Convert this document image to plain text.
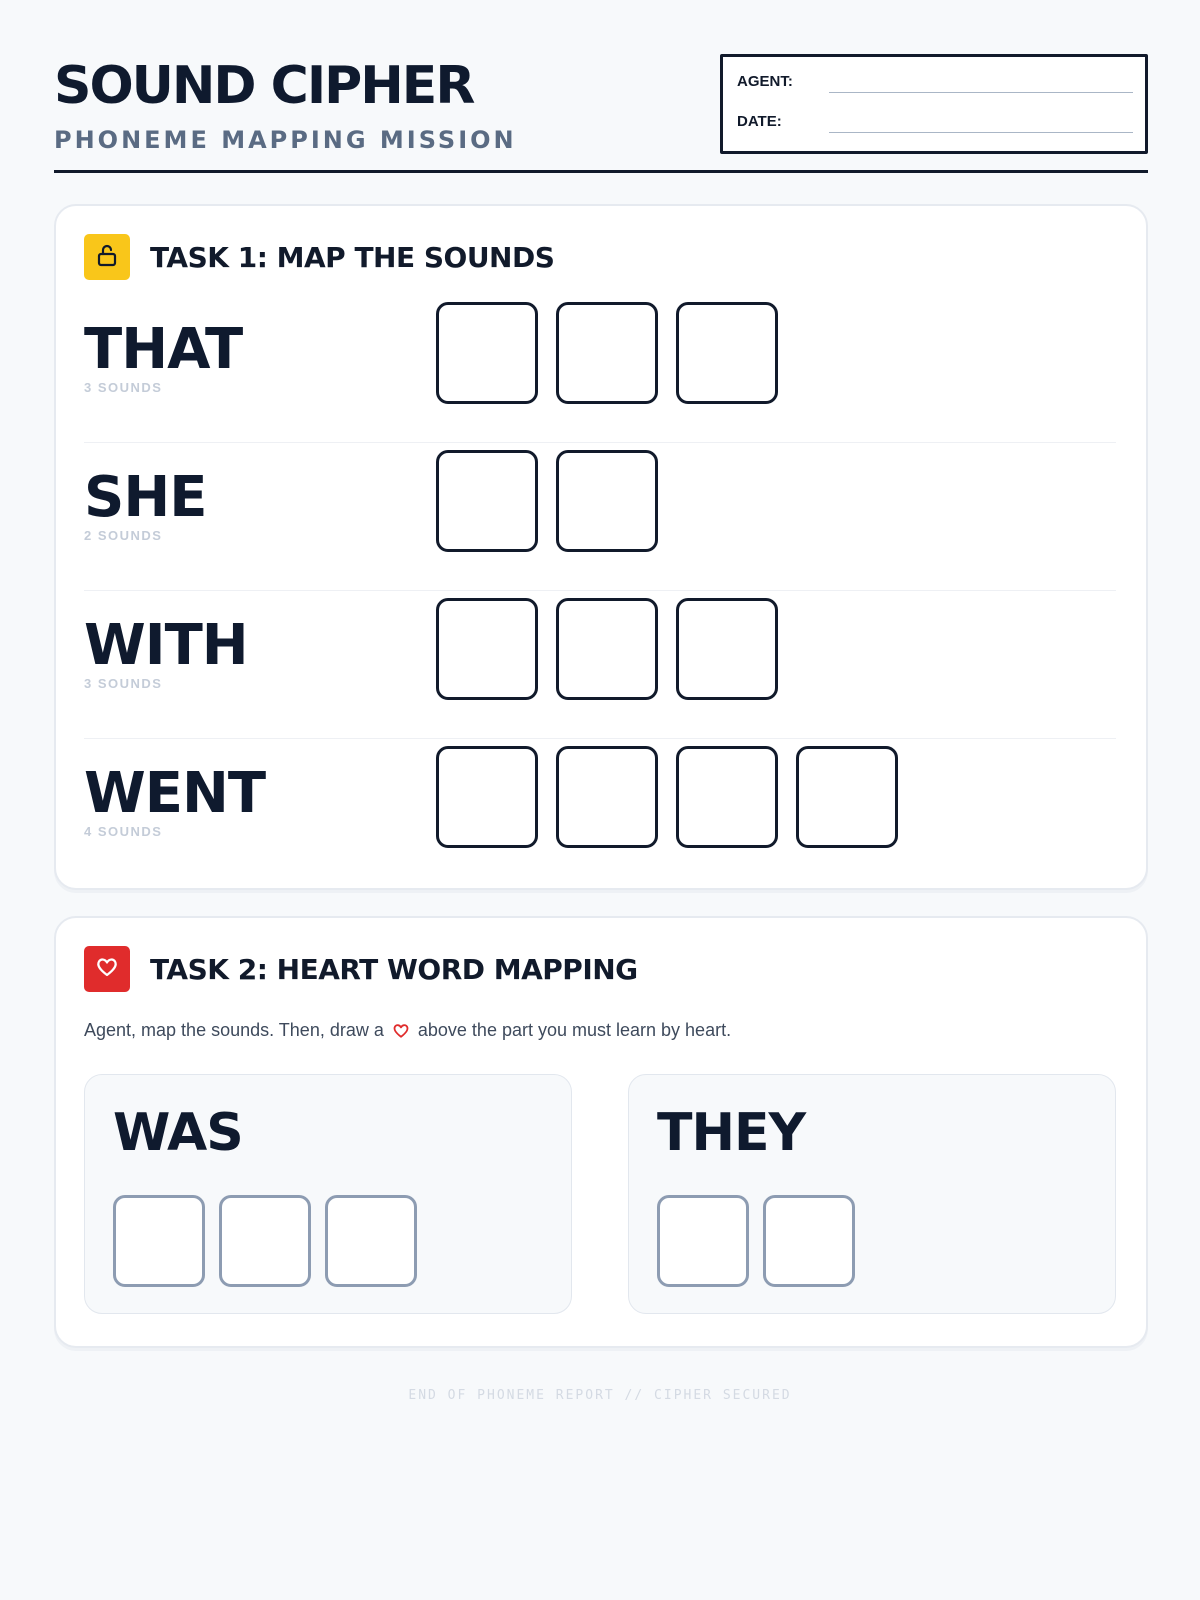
SOUND CIPHER
PHONEME MAPPING MISSION
AGENT:
DATE:
TASK 1: MAP THE SOUNDS
THAT
3 SOUNDS
SHE
2 SOUNDS
WITH
3 SOUNDS
WENT
4 SOUNDS
TASK 2: HEART WORD MAPPING
Agent, map the sounds. Then, draw a above the part you must learn by heart.
WAS	THEY
END OF PHONEME REPORT // CIPHER SECURED
